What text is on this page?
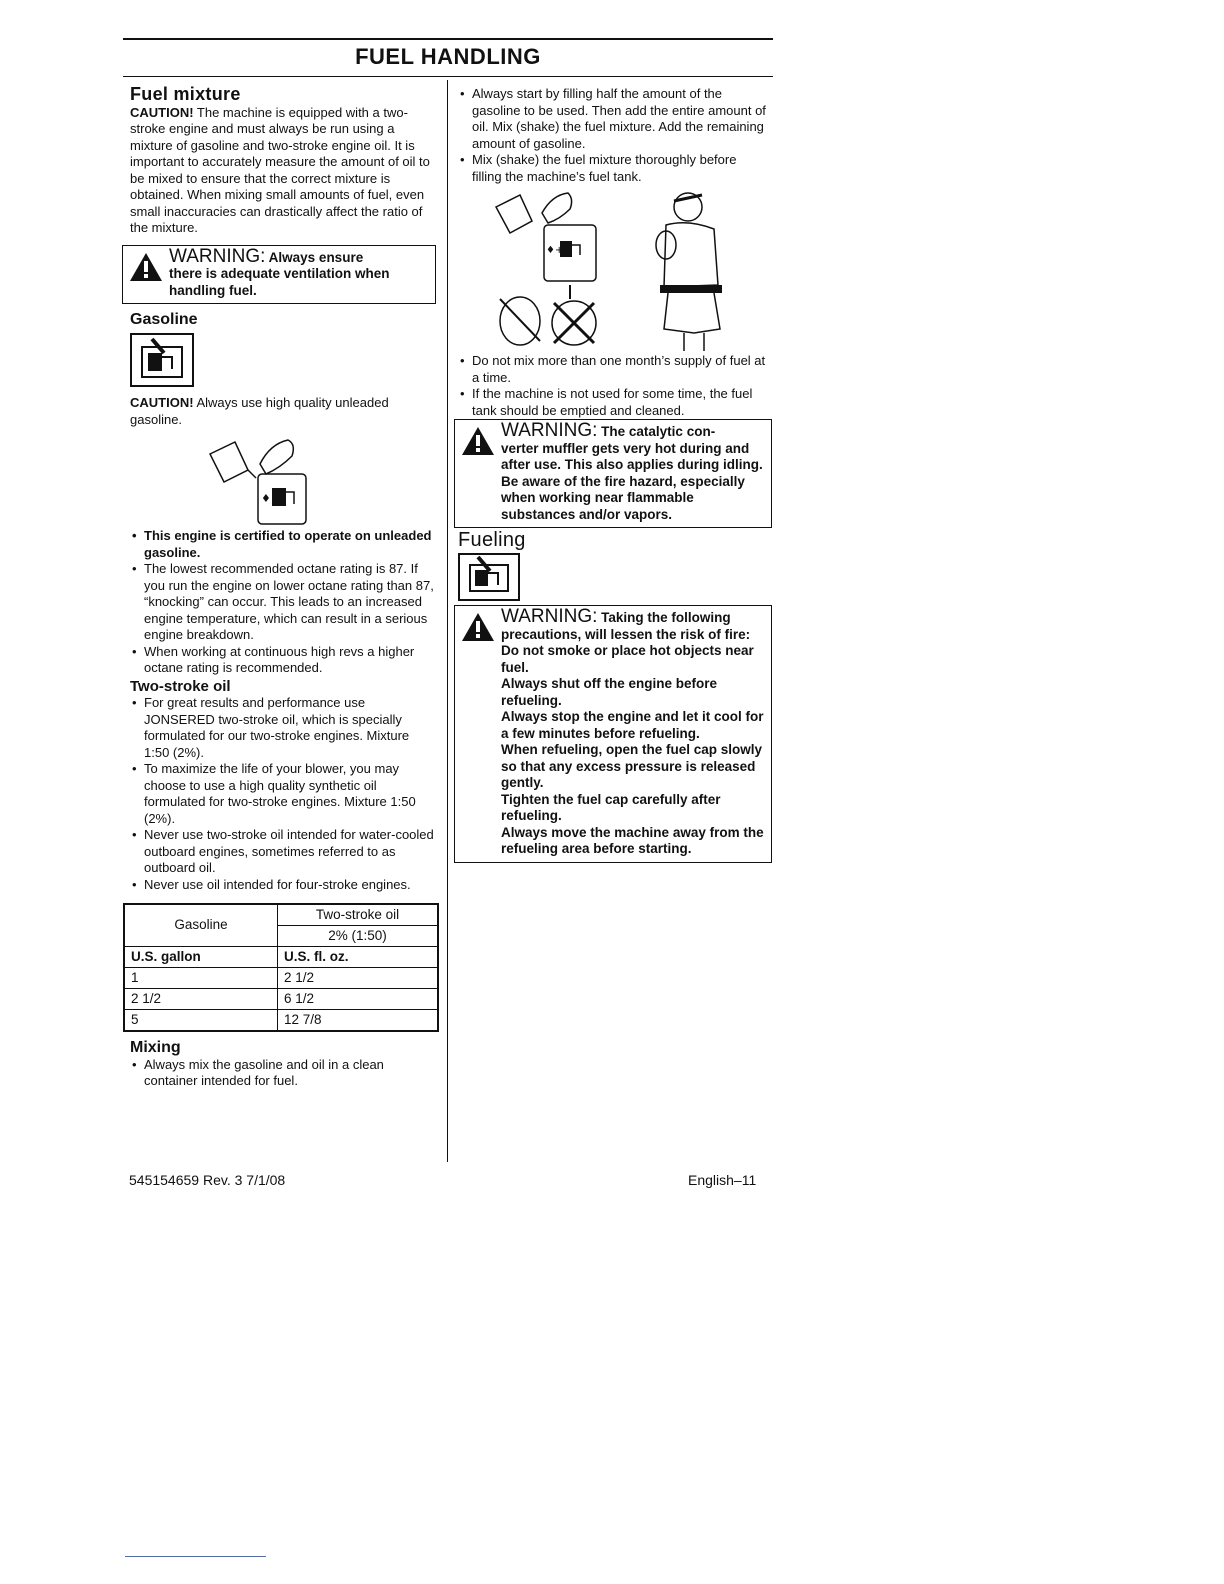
FUEL HANDLING
Fuel mixture

CAUTION! The machine is equipped with a two-stroke engine and must always be run using a mixture of gasoline and two-stroke engine oil. It is important to accurately measure the amount of oil to be mixed to ensure that the correct mixture is obtained. When mixing small amounts of fuel, even small inaccuracies can drastically affect the ratio of the mixture.

WARNING: Always ensure
there is adequate ventilation when handling fuel.
Gasoline

CAUTION! Always use high quality unleaded gasoline.

♦+
• This engine is certified to operate on unleaded gasoline.
• The lowest recommended octane rating is 87. If you run the engine on lower octane rating than 87, “knocking” can occur. This leads to an increased engine temperature, which can result in a serious engine breakdown.
• When working at continuous high revs a higher octane rating is recommended.
Two-stroke oil
• For great results and performance use JONSERED two-stroke oil, which is specially formulated for our two-stroke engines. Mixture 1:50 (2%).
• To maximize the life of your blower, you may choose to use a high quality synthetic oil formulated for two-stroke engines. Mixture 1:50 (2%).
• Never use two-stroke oil intended for water-cooled outboard engines, sometimes referred to as outboard oil.
• Never use oil intended for four-stroke engines.
Gasoline	Two-stroke oil
	2% (1:50)
U.S. gallon	U.S. fl. oz.
1	2 1/2
2 1/2	6 1/2
5	12 7/8
Mixing
• Always mix the gasoline and oil in a clean container intended for fuel.
• Always start by filling half the amount of the gasoline to be used. Then add the entire amount of oil. Mix (shake) the fuel mixture. Add the remaining amount of gasoline.
• Mix (shake) the fuel mixture thoroughly before filling the machine’s fuel tank.
♦+
• Do not mix more than one month’s supply of fuel at a time.
• If the machine is not used for some time, the fuel tank should be emptied and cleaned.
WARNING: The catalytic con-
verter muffler gets very hot during and after use. This also applies during idling. Be aware of the fire hazard, especially when working near flammable substances and/or vapors.
Fueling
WARNING: Taking the following
precautions, will lessen the risk of fire:
Do not smoke or place hot objects near fuel.
Always shut off the engine before refueling.
Always stop the engine and let it cool for a few minutes before refueling.
When refueling, open the fuel cap slowly so that any excess pressure is released gently.
Tighten the fuel cap carefully after refueling.
Always move the machine away from the refueling area before starting.
545154659 Rev. 3 7/1/08	English–11
